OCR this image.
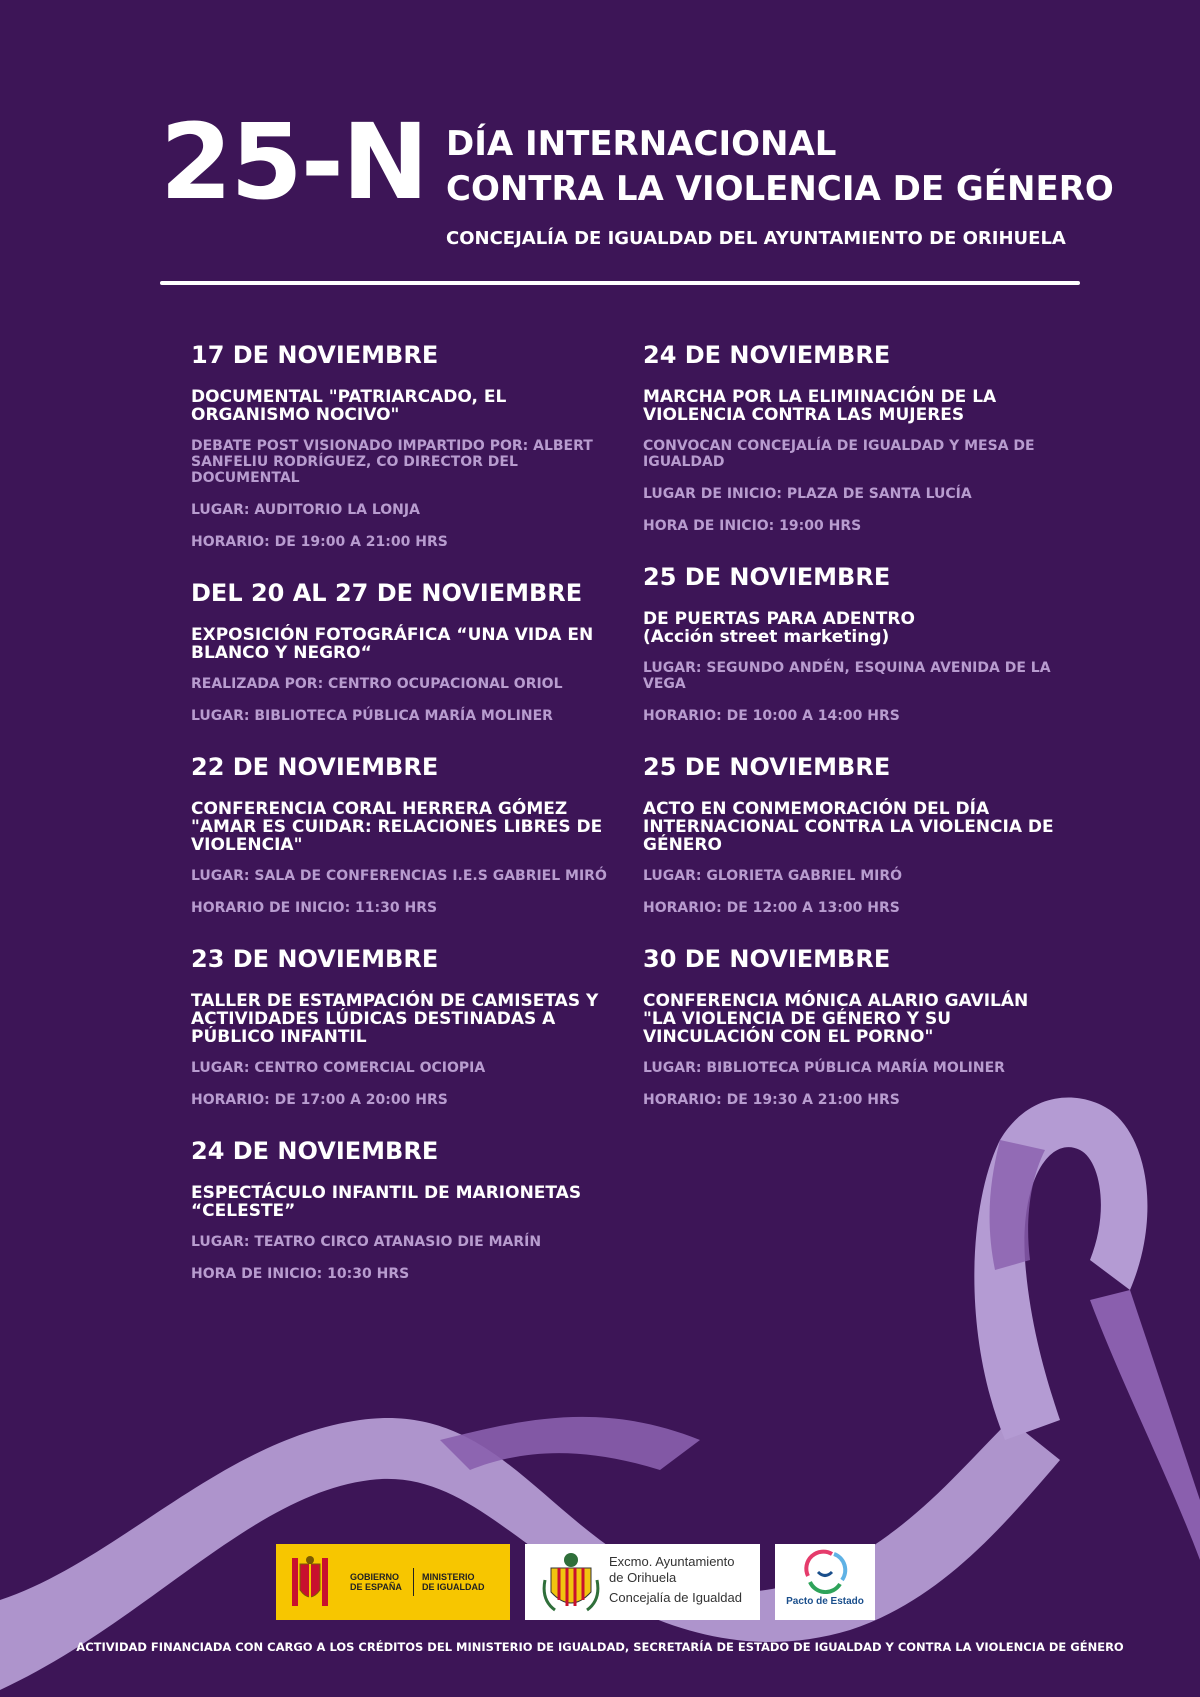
25-N DÍA INTERNACIONAL
CONTRA LA VIOLENCIA DE GÉNERO
CONCEJALÍA DE IGUALDAD DEL AYUNTAMIENTO DE ORIHUELA
17 DE NOVIEMBRE
DOCUMENTAL "PATRIARCADO, EL ORGANISMO NOCIVO"
DEBATE POST VISIONADO IMPARTIDO POR: ALBERT SANFELIU RODRÍGUEZ, CO DIRECTOR DEL DOCUMENTAL
LUGAR: AUDITORIO LA LONJA
HORARIO: DE 19:00 A 21:00 HRS
DEL 20 AL 27 DE NOVIEMBRE
EXPOSICIÓN FOTOGRÁFICA “UNA VIDA EN BLANCO Y NEGRO“
REALIZADA POR: CENTRO OCUPACIONAL ORIOL
LUGAR: BIBLIOTECA PÚBLICA MARÍA MOLINER
22 DE NOVIEMBRE
CONFERENCIA CORAL HERRERA GÓMEZ "AMAR ES CUIDAR: RELACIONES LIBRES DE VIOLENCIA"
LUGAR: SALA DE CONFERENCIAS I.E.S GABRIEL MIRÓ
HORARIO DE INICIO: 11:30 HRS
23 DE NOVIEMBRE
TALLER DE ESTAMPACIÓN DE CAMISETAS Y ACTIVIDADES LÚDICAS DESTINADAS A PÚBLICO INFANTIL
LUGAR: CENTRO COMERCIAL OCIOPIA
HORARIO: DE 17:00 A 20:00 HRS
24 DE NOVIEMBRE
ESPECTÁCULO INFANTIL DE MARIONETAS “CELESTE”
LUGAR: TEATRO CIRCO ATANASIO DIE MARÍN
HORA DE INICIO: 10:30 HRS
24 DE NOVIEMBRE
MARCHA POR LA ELIMINACIÓN DE LA VIOLENCIA CONTRA LAS MUJERES
CONVOCAN CONCEJALÍA DE IGUALDAD Y MESA DE IGUALDAD
LUGAR DE INICIO: PLAZA DE SANTA LUCÍA
HORA DE INICIO: 19:00 HRS
25 DE NOVIEMBRE
DE PUERTAS PARA ADENTRO
(Acción street marketing)
LUGAR: SEGUNDO ANDÉN, ESQUINA AVENIDA DE LA VEGA
HORARIO: DE 10:00 A 14:00 HRS
25 DE NOVIEMBRE
ACTO EN CONMEMORACIÓN DEL DÍA INTERNACIONAL CONTRA LA VIOLENCIA DE GÉNERO
LUGAR: GLORIETA GABRIEL MIRÓ
HORARIO: DE 12:00 A 13:00 HRS
30 DE NOVIEMBRE
CONFERENCIA MÓNICA ALARIO GAVILÁN "LA VIOLENCIA DE GÉNERO Y SU VINCULACIÓN CON EL PORNO"
LUGAR: BIBLIOTECA PÚBLICA MARÍA MOLINER
HORARIO: DE 19:30 A 21:00 HRS
GOBIERNO
DE ESPAÑA
MINISTERIO
DE IGUALDAD
Excmo. Ayuntamiento
de Orihuela
Concejalía de Igualdad	Pacto de Estado
ACTIVIDAD FINANCIADA CON CARGO A LOS CRÉDITOS DEL MINISTERIO DE IGUALDAD, SECRETARÍA DE ESTADO DE IGUALDAD Y CONTRA LA VIOLENCIA DE GÉNERO
